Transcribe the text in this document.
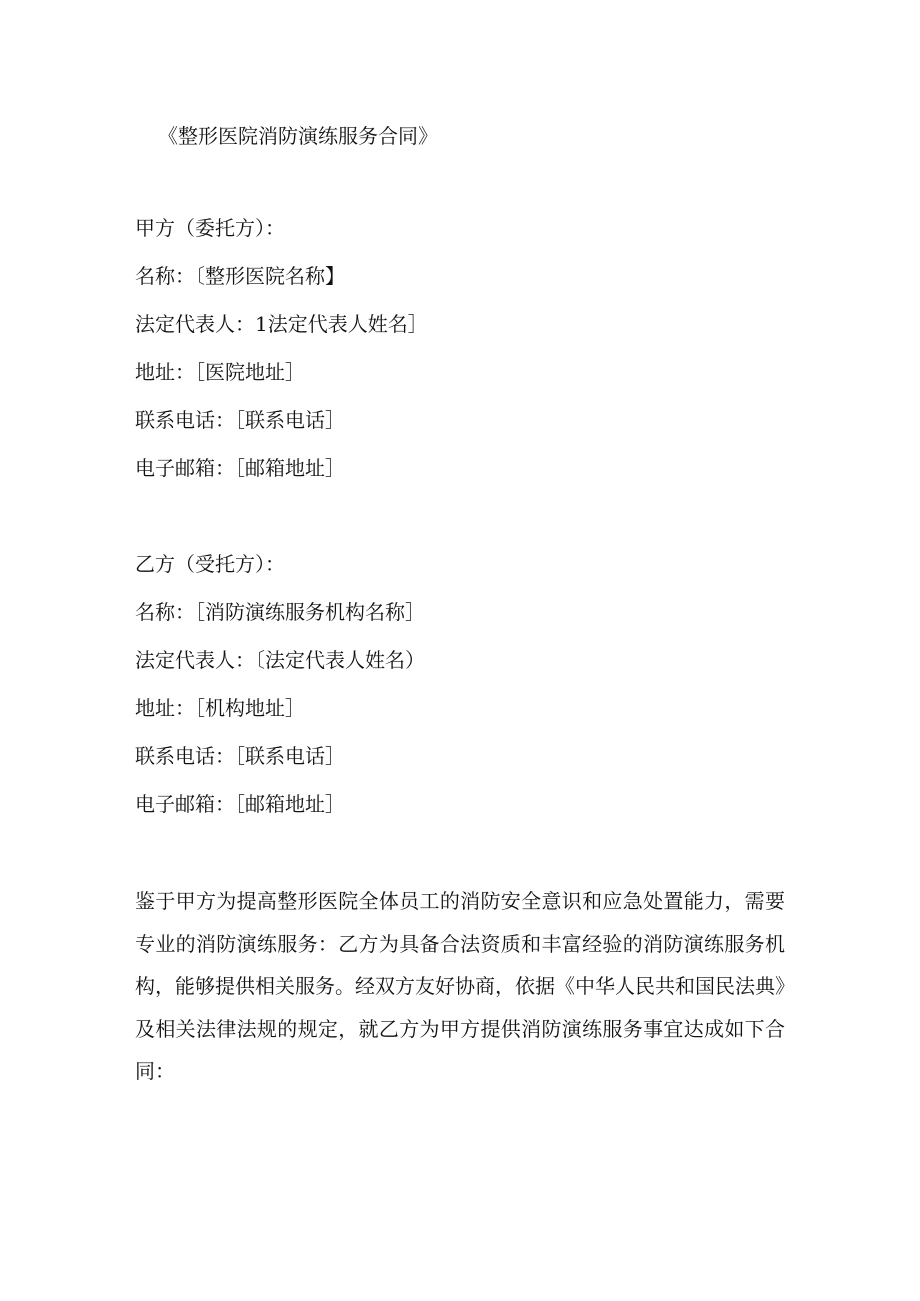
《整形医院消防演练服务合同》
甲方（委托方）：
名称：〔整形医院名称】
法定代表人：1法定代表人姓名］
地址：［医院地址］
联系电话：［联系电话］
电子邮箱：［邮箱地址］
乙方（受托方）：
名称：［消防演练服务机构名称］
法定代表人：〔法定代表人姓名）
地址：［机构地址］
联系电话：［联系电话］
电子邮箱：［邮箱地址］

鉴于甲方为提高整形医院全体员工的消防安全意识和应急处置能力，需要专业的消防演练服务：乙方为具备合法资质和丰富经验的消防演练服务机构，能够提供相关服务。经双方友好协商，依据《中华人民共和国民法典》及相关法律法规的规定，就乙方为甲方提供消防演练服务事宜达成如下合同：
